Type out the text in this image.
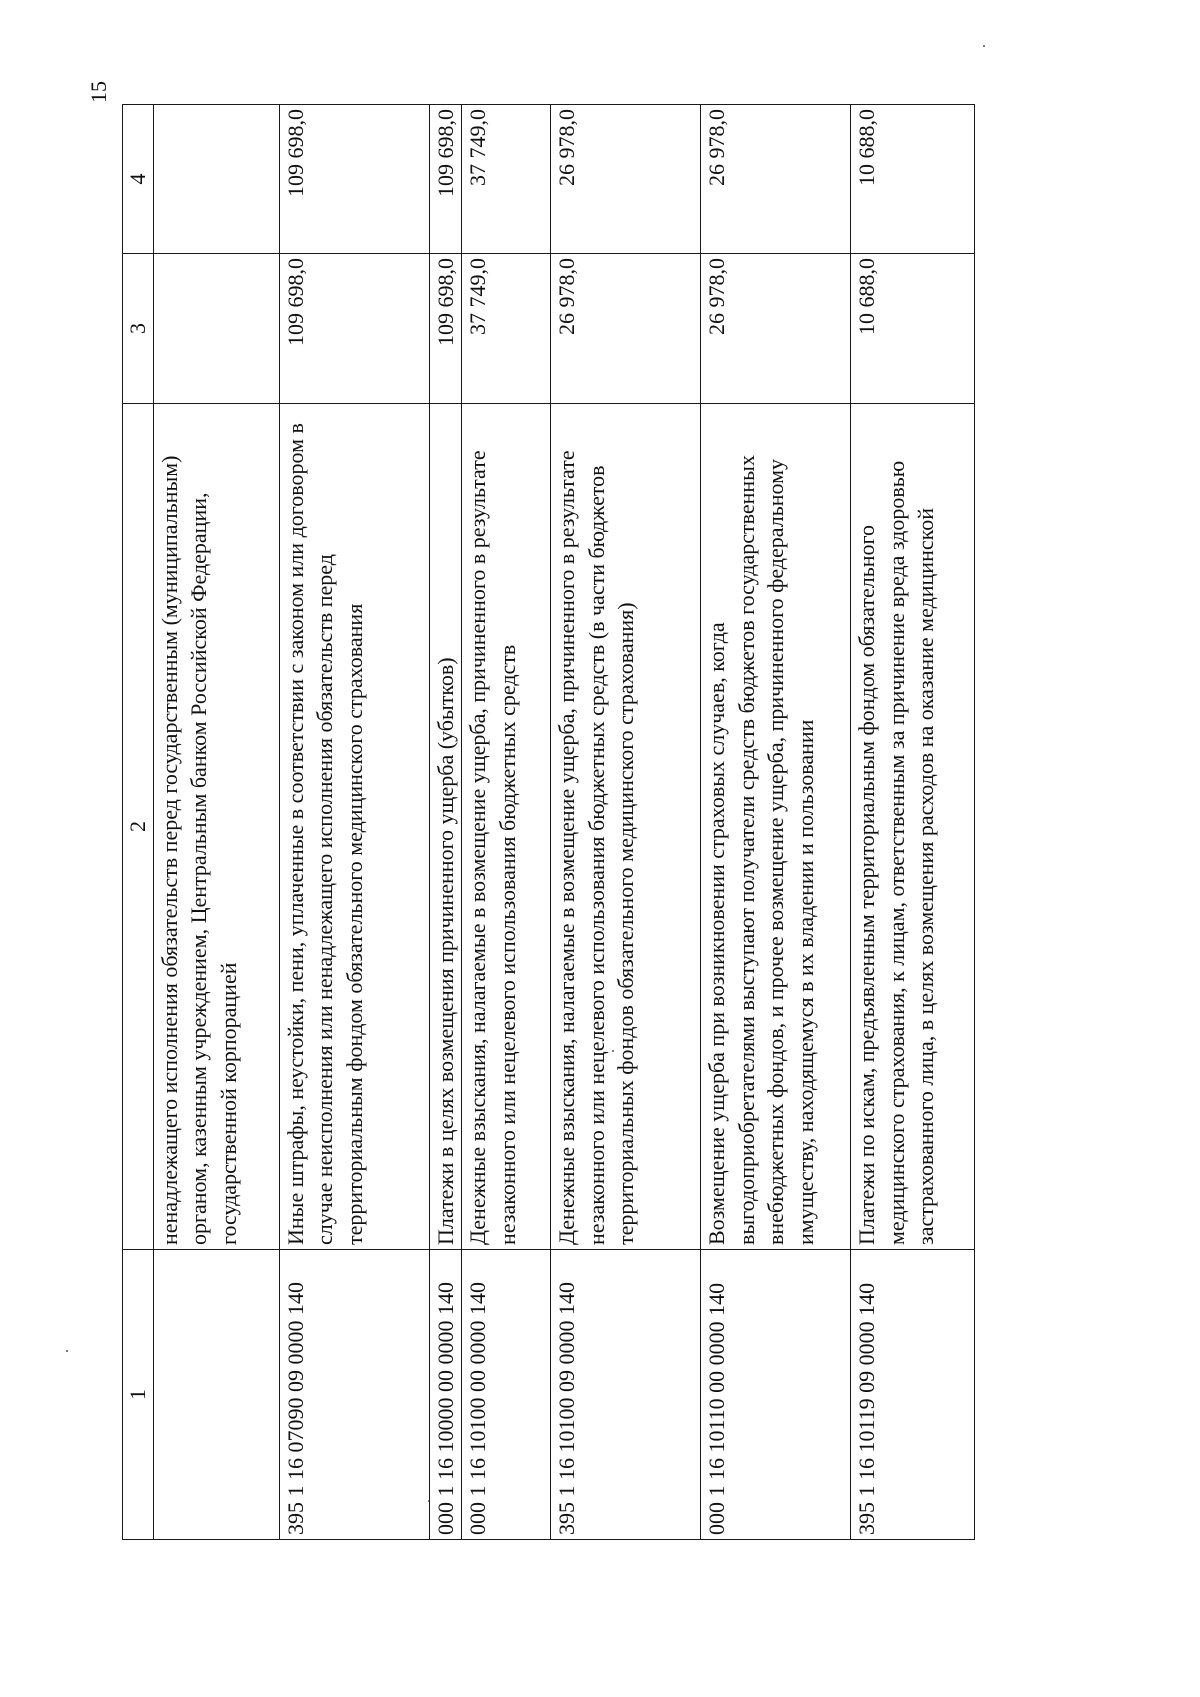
15
1	2	3	4
	ненадлежащего исполнения обязательств перед государственным (муниципальным) органом, казенным учреждением, Центральным банком Российской Федерации, государственной корпорацией		
395 1 16 07090 09 0000 140	Иные штрафы, неустойки, пени, уплаченные в соответствии с законом или договором в случае неисполнения или ненадлежащего исполнения обязательств перед территориальным фондом обязательного медицинского страхования	109 698,0	109 698,0
000 1 16 10000 00 0000 140	Платежи в целях возмещения причиненного ущерба (убытков)	109 698,0	109 698,0
000 1 16 10100 00 0000 140	Денежные взыскания, налагаемые в возмещение ущерба, причиненного в результате незаконного или нецелевого использования бюджетных средств	37 749,0	37 749,0
395 1 16 10100 09 0000 140	Денежные взыскания, налагаемые в возмещение ущерба, причиненного в результате незаконного или нецелевого использования бюджетных средств (в части бюджетов территориальных фондов обязательного медицинского страхования)	26 978,0	26 978,0
000 1 16 10110 00 0000 140	Возмещение ущерба при возникновении страховых случаев, когда выгодоприобретателями выступают получатели средств бюджетов государственных внебюджетных фондов, и прочее возмещение ущерба, причиненного федеральному имуществу, находящемуся в их владении и пользовании	26 978,0	26 978,0
395 1 16 10119 09 0000 140	Платежи по искам, предъявленным территориальным фондом обязательного медицинского страхования, к лицам, ответственным за причинение вреда здоровью застрахованного лица, в целях возмещения расходов на оказание медицинской	10 688,0	10 688,0
